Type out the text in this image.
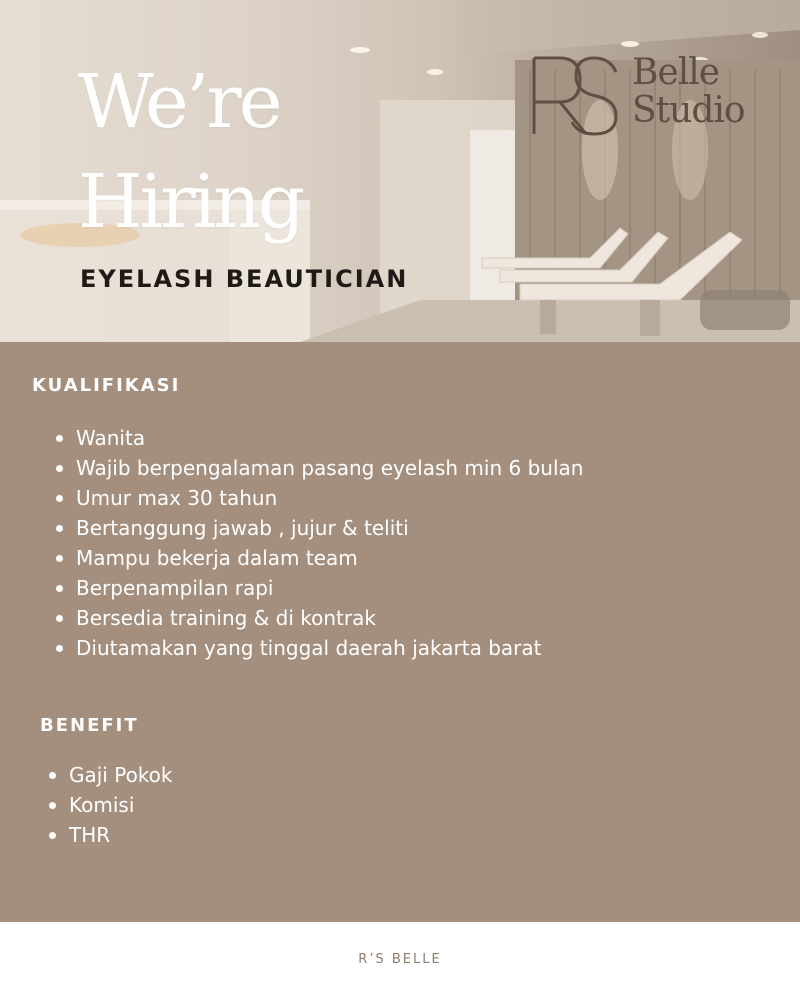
We’re
Hiring
EYELASH BEAUTICIAN
Belle
Studio
KUALIFIKASI
Wanita
Wajib berpengalaman pasang eyelash min 6 bulan
Umur max 30 tahun
Bertanggung jawab , jujur & teliti
Mampu bekerja dalam team
Berpenampilan rapi
Bersedia training & di kontrak
Diutamakan yang tinggal daerah jakarta barat
BENEFIT
Gaji Pokok
Komisi
THR
R’S BELLE
